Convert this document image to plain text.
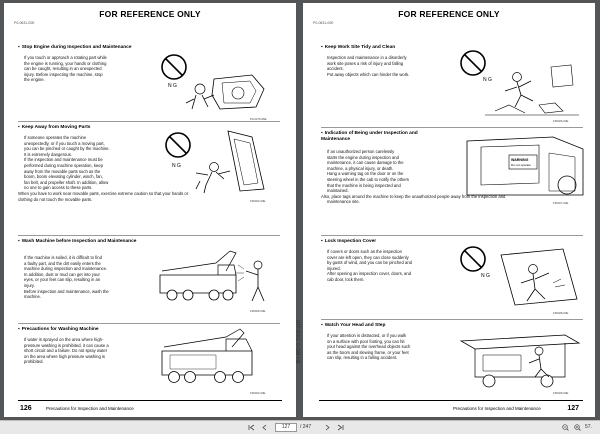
FOR REFERENCE ONLY
P0-0631-00E
▪ Stop Engine during Inspection and Maintenance
If you touch or approach a rotating part while
the engine is running, your hands or clothing
can be caught, resulting in an unexpected
injury. Before inspecting the machine, stop
the engine.
N G
P0-0370-08E
▪ Keep Away from Moving Parts
If someone operates the machine
unexpectedly, or if you touch a moving part,
you can be pinched or caught by the machine.
It is extremely dangerous.
If the inspection and maintenance must be
performed during machine operation, keep
away from the movable parts such as the
boom, boom elevating cylinder, winch, fan,
fan belt, and propeller shaft. In addition, allow
no one to gain access to these parts.
When you have to work near movable parts, exercise extreme caution so that your hands or
clothing do not touch the movable parts.
N G
F96024-00E
▪ Wash Machine before Inspection and Maintenance
If the machine is soiled, it is difficult to find
a faulty part, and the dirt easily enters the
machine during inspection and maintenance.
In addition, dust or mud can get into your
eyes, or your feet can slip, resulting in an
injury.
Before inspection and maintenance, wash the
machine.
F96026-00E
▪ Precautions for Washing Machine
If water is sprayed on the area where high-
pressure washing is prohibited, it can cause a
short circuit and a failure. Do not spray water
on the area where high pressure washing is
prohibited.
F96024-00E
126	Precautions for Inspection and Maintenance
ATF400G-6-OM-HE
FOR REFERENCE ONLY
P0-0631-00E
▪ Keep Work Site Tidy and Clean
Inspection and maintenance in a disorderly
work site poses a risk of injury and falling
accident.
Put away objects which can hinder the work.
N G
F96026-00E
▪ Indication of Being under Inspection and Maintenance
If an unauthorized person carelessly
starts the engine during inspection and
maintenance, it can cause damage to the
machine, a physical injury, or death.
Hang a warning tag on the door or on the
steering wheel in the cab to notify the others
that the machine is being inspected and
maintained.
Also, place tags around the machine to keep the unauthorized people away from the inspection and
maintenance site.
WARNING
Do not operate
F96027-00E
▪ Lock Inspection Cover
If covers or doors such as the inspection
cover are left open, they can close suddenly
by gusts of wind, and you can be pinched and
injured.
After opening an inspection cover, doors, and
cab door, lock them.
N G
F96028-00E
▪ Watch Your Head and Step
If your attention is distracted, or if you walk
on a surface with poor footing, you can hit
your head against the overhead objects such
as the boom and slewing frame, or your feet
can slip, resulting in a falling accident.
F96029-00E
Precautions for Inspection and Maintenance	127
127	/ 247	57.
